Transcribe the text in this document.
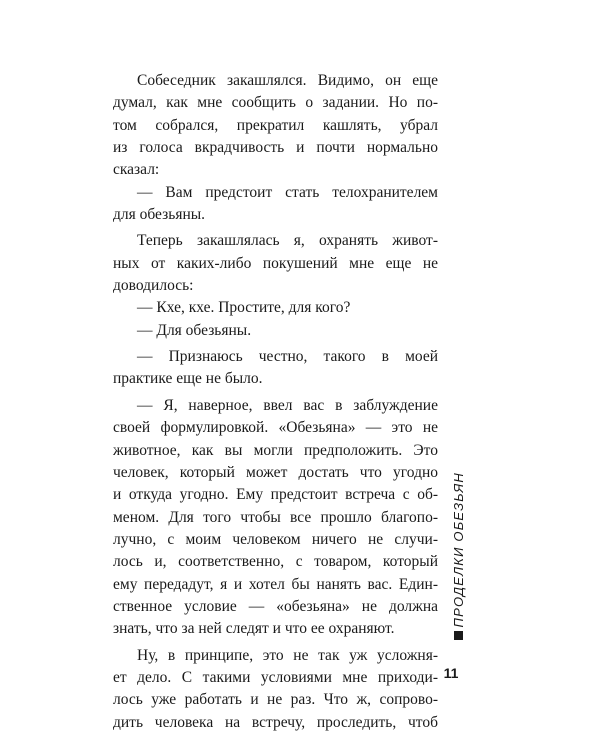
Собеседник закашлялся. Видимо, он еще
думал, как мне сообщить о задании. Но по-
том собрался, прекратил кашлять, убрал
из голоса вкрадчивость и почти нормально
сказал:

— Вам предстоит стать телохранителем
для обезьяны.

Теперь закашлялась я, охранять живот-
ных от каких-либо покушений мне еще не
доводилось:

— Кхе, кхе. Простите, для кого?

— Для обезьяны.

— Признаюсь честно, такого в моей
практике еще не было.

— Я, наверное, ввел вас в заблуждение
своей формулировкой. «Обезьяна» — это не
животное, как вы могли предположить. Это
человек, который может достать что угодно
и откуда угодно. Ему предстоит встреча с об-
меном. Для того чтобы все прошло благопо-
лучно, с моим человеком ничего не случи-
лось и, соответственно, с товаром, который
ему передадут, я и хотел бы нанять вас. Един-
ственное условие — «обезьяна» не должна
знать, что за ней следят и что ее охраняют.

Ну, в принципе, это не так уж усложня-
ет дело. С такими условиями мне приходи-
лось уже работать и не раз. Что ж, сопрово-
дить человека на встречу, проследить, чтоб

ПРОДЕЛКИ ОБЕЗЬЯН
11
